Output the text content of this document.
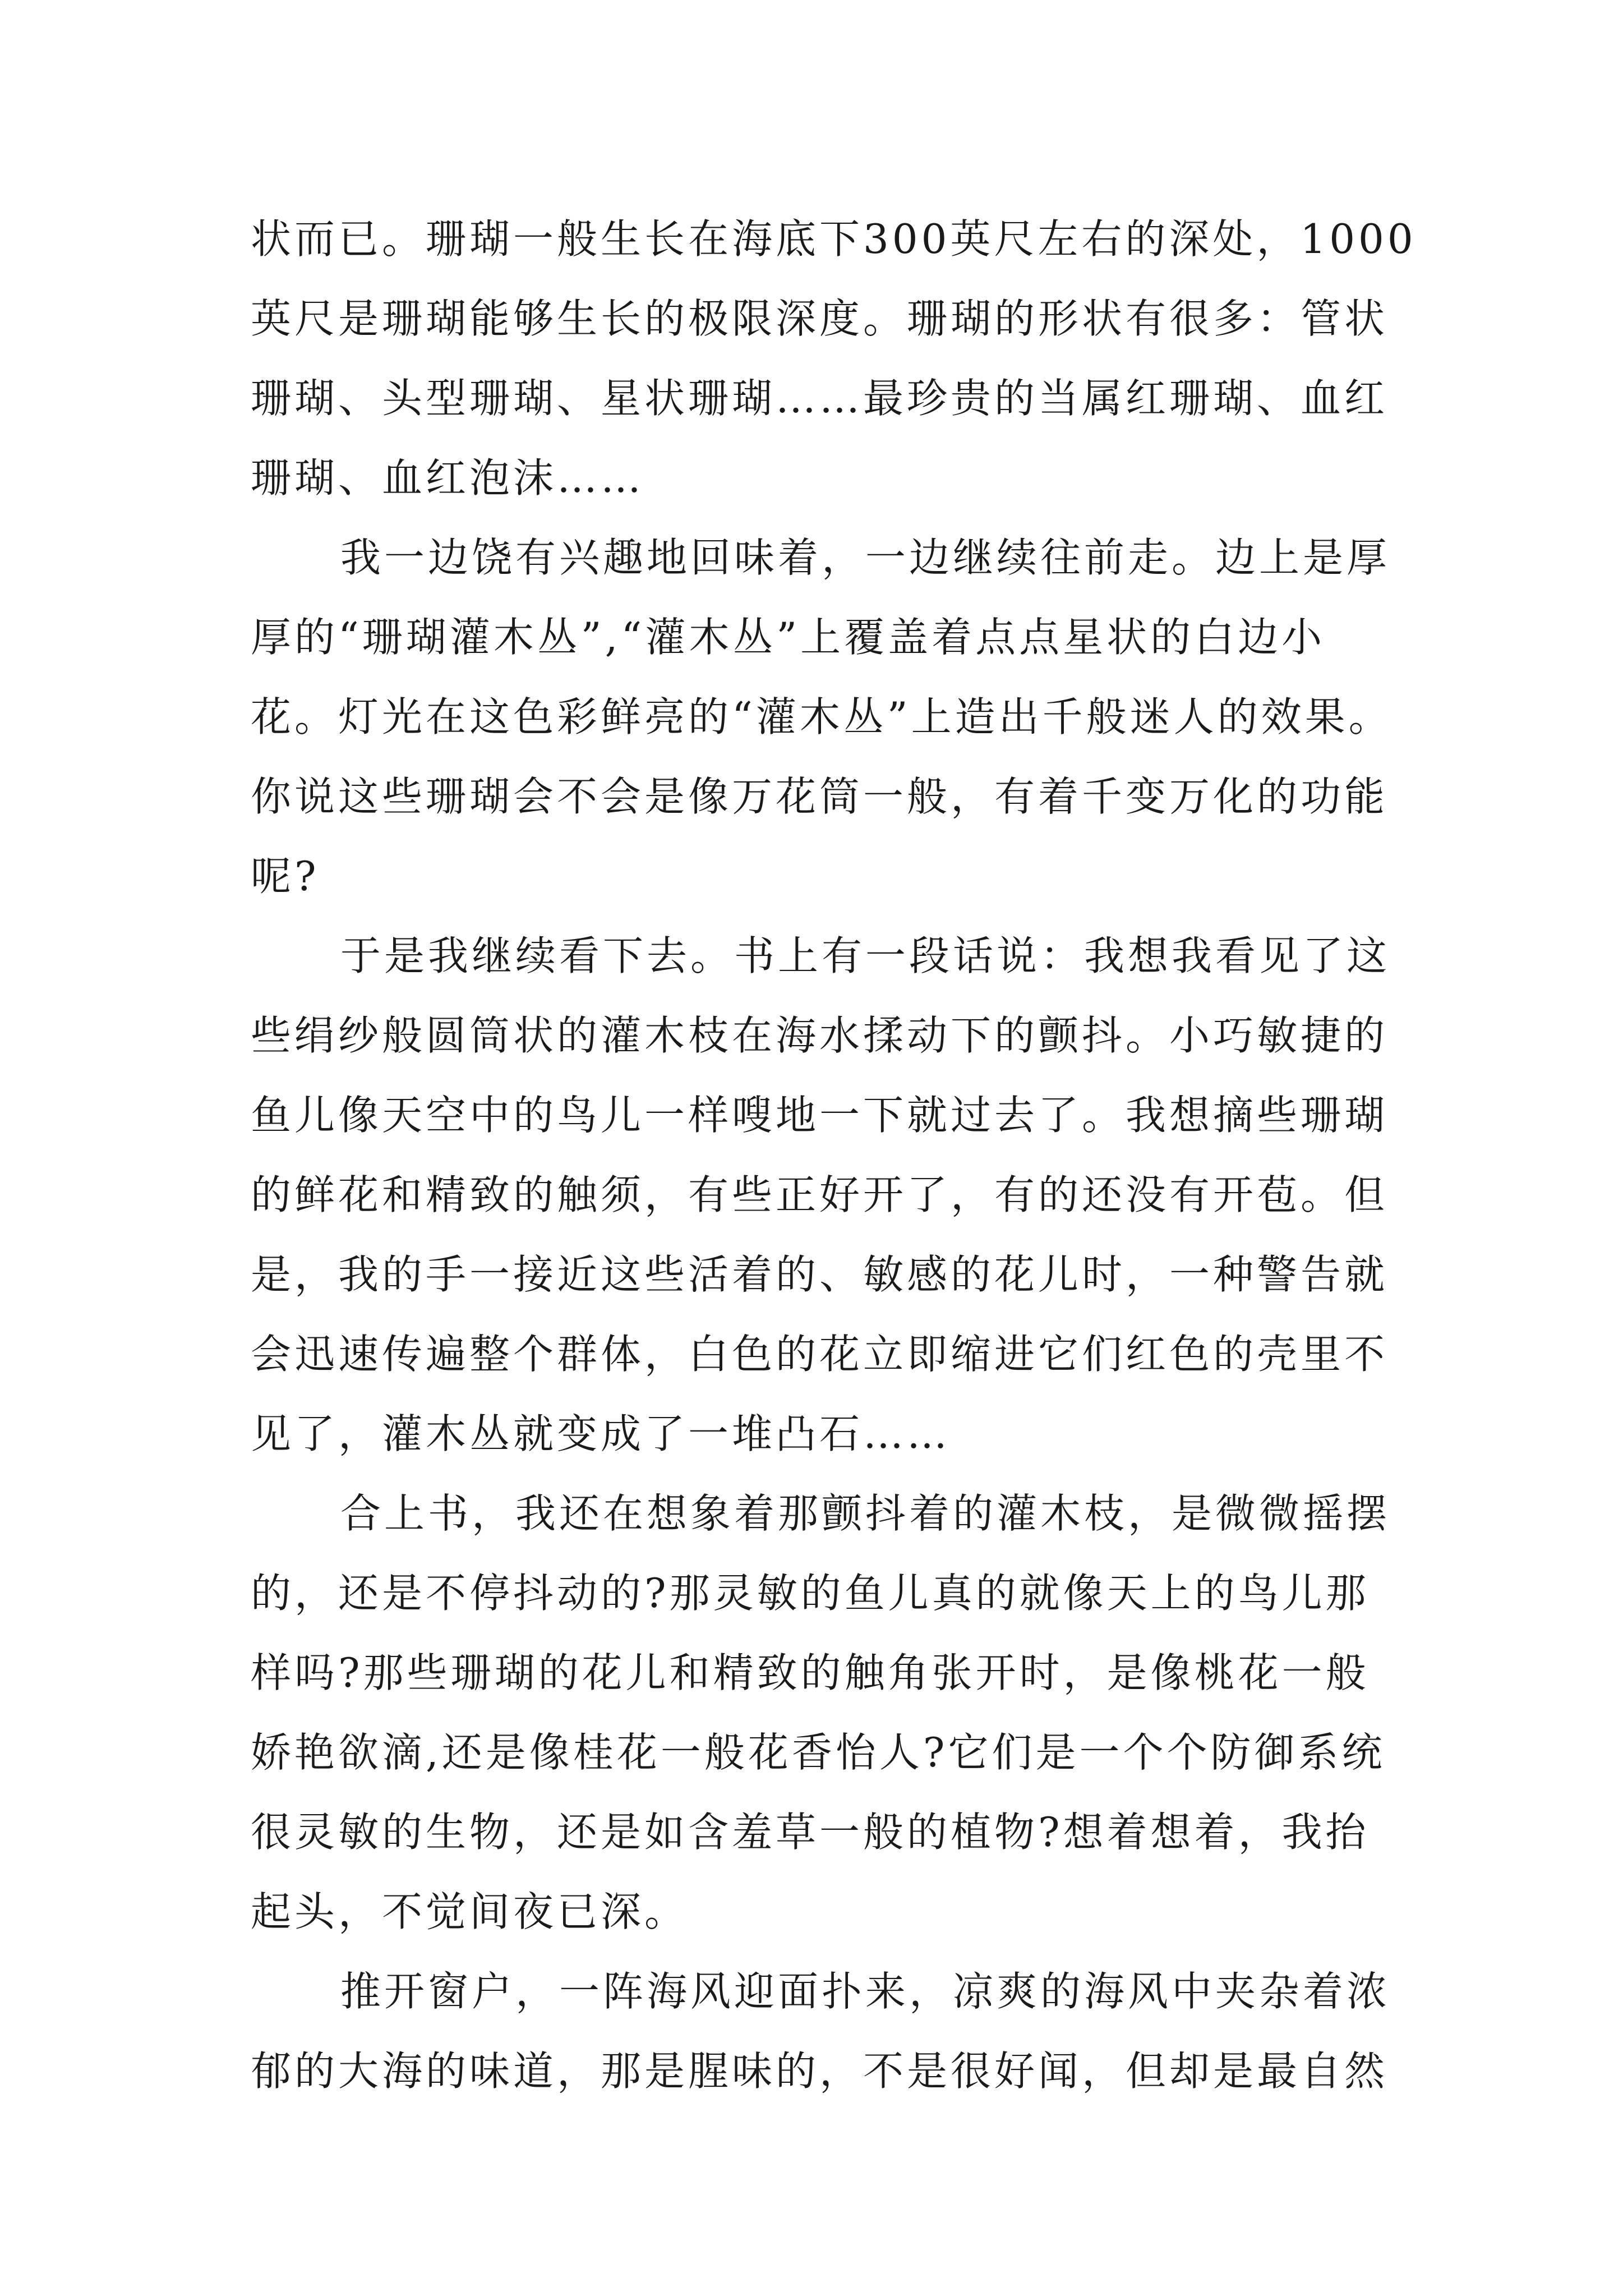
状而已。珊瑚一般生长在海底下300英尺左右的深处，1000
英尺是珊瑚能够生长的极限深度。珊瑚的形状有很多：管状
珊瑚、头型珊瑚、星状珊瑚……最珍贵的当属红珊瑚、血红
珊瑚、血红泡沫……
我一边饶有兴趣地回味着，一边继续往前走。边上是厚
厚的“珊瑚灌木丛”,“灌木丛”上覆盖着点点星状的白边小
花。灯光在这色彩鲜亮的“灌木丛”上造出千般迷人的效果。
你说这些珊瑚会不会是像万花筒一般，有着千变万化的功能
呢?
于是我继续看下去。书上有一段话说：我想我看见了这
些绢纱般圆筒状的灌木枝在海水揉动下的颤抖。小巧敏捷的
鱼儿像天空中的鸟儿一样嗖地一下就过去了。我想摘些珊瑚
的鲜花和精致的触须，有些正好开了，有的还没有开苞。但
是，我的手一接近这些活着的、敏感的花儿时，一种警告就
会迅速传遍整个群体，白色的花立即缩进它们红色的壳里不
见了，灌木丛就变成了一堆凸石……
合上书，我还在想象着那颤抖着的灌木枝，是微微摇摆
的，还是不停抖动的?那灵敏的鱼儿真的就像天上的鸟儿那
样吗?那些珊瑚的花儿和精致的触角张开时，是像桃花一般
娇艳欲滴,还是像桂花一般花香怡人?它们是一个个防御系统
很灵敏的生物，还是如含羞草一般的植物?想着想着，我抬
起头，不觉间夜已深。
推开窗户，一阵海风迎面扑来，凉爽的海风中夹杂着浓
郁的大海的味道，那是腥味的，不是很好闻，但却是最自然
